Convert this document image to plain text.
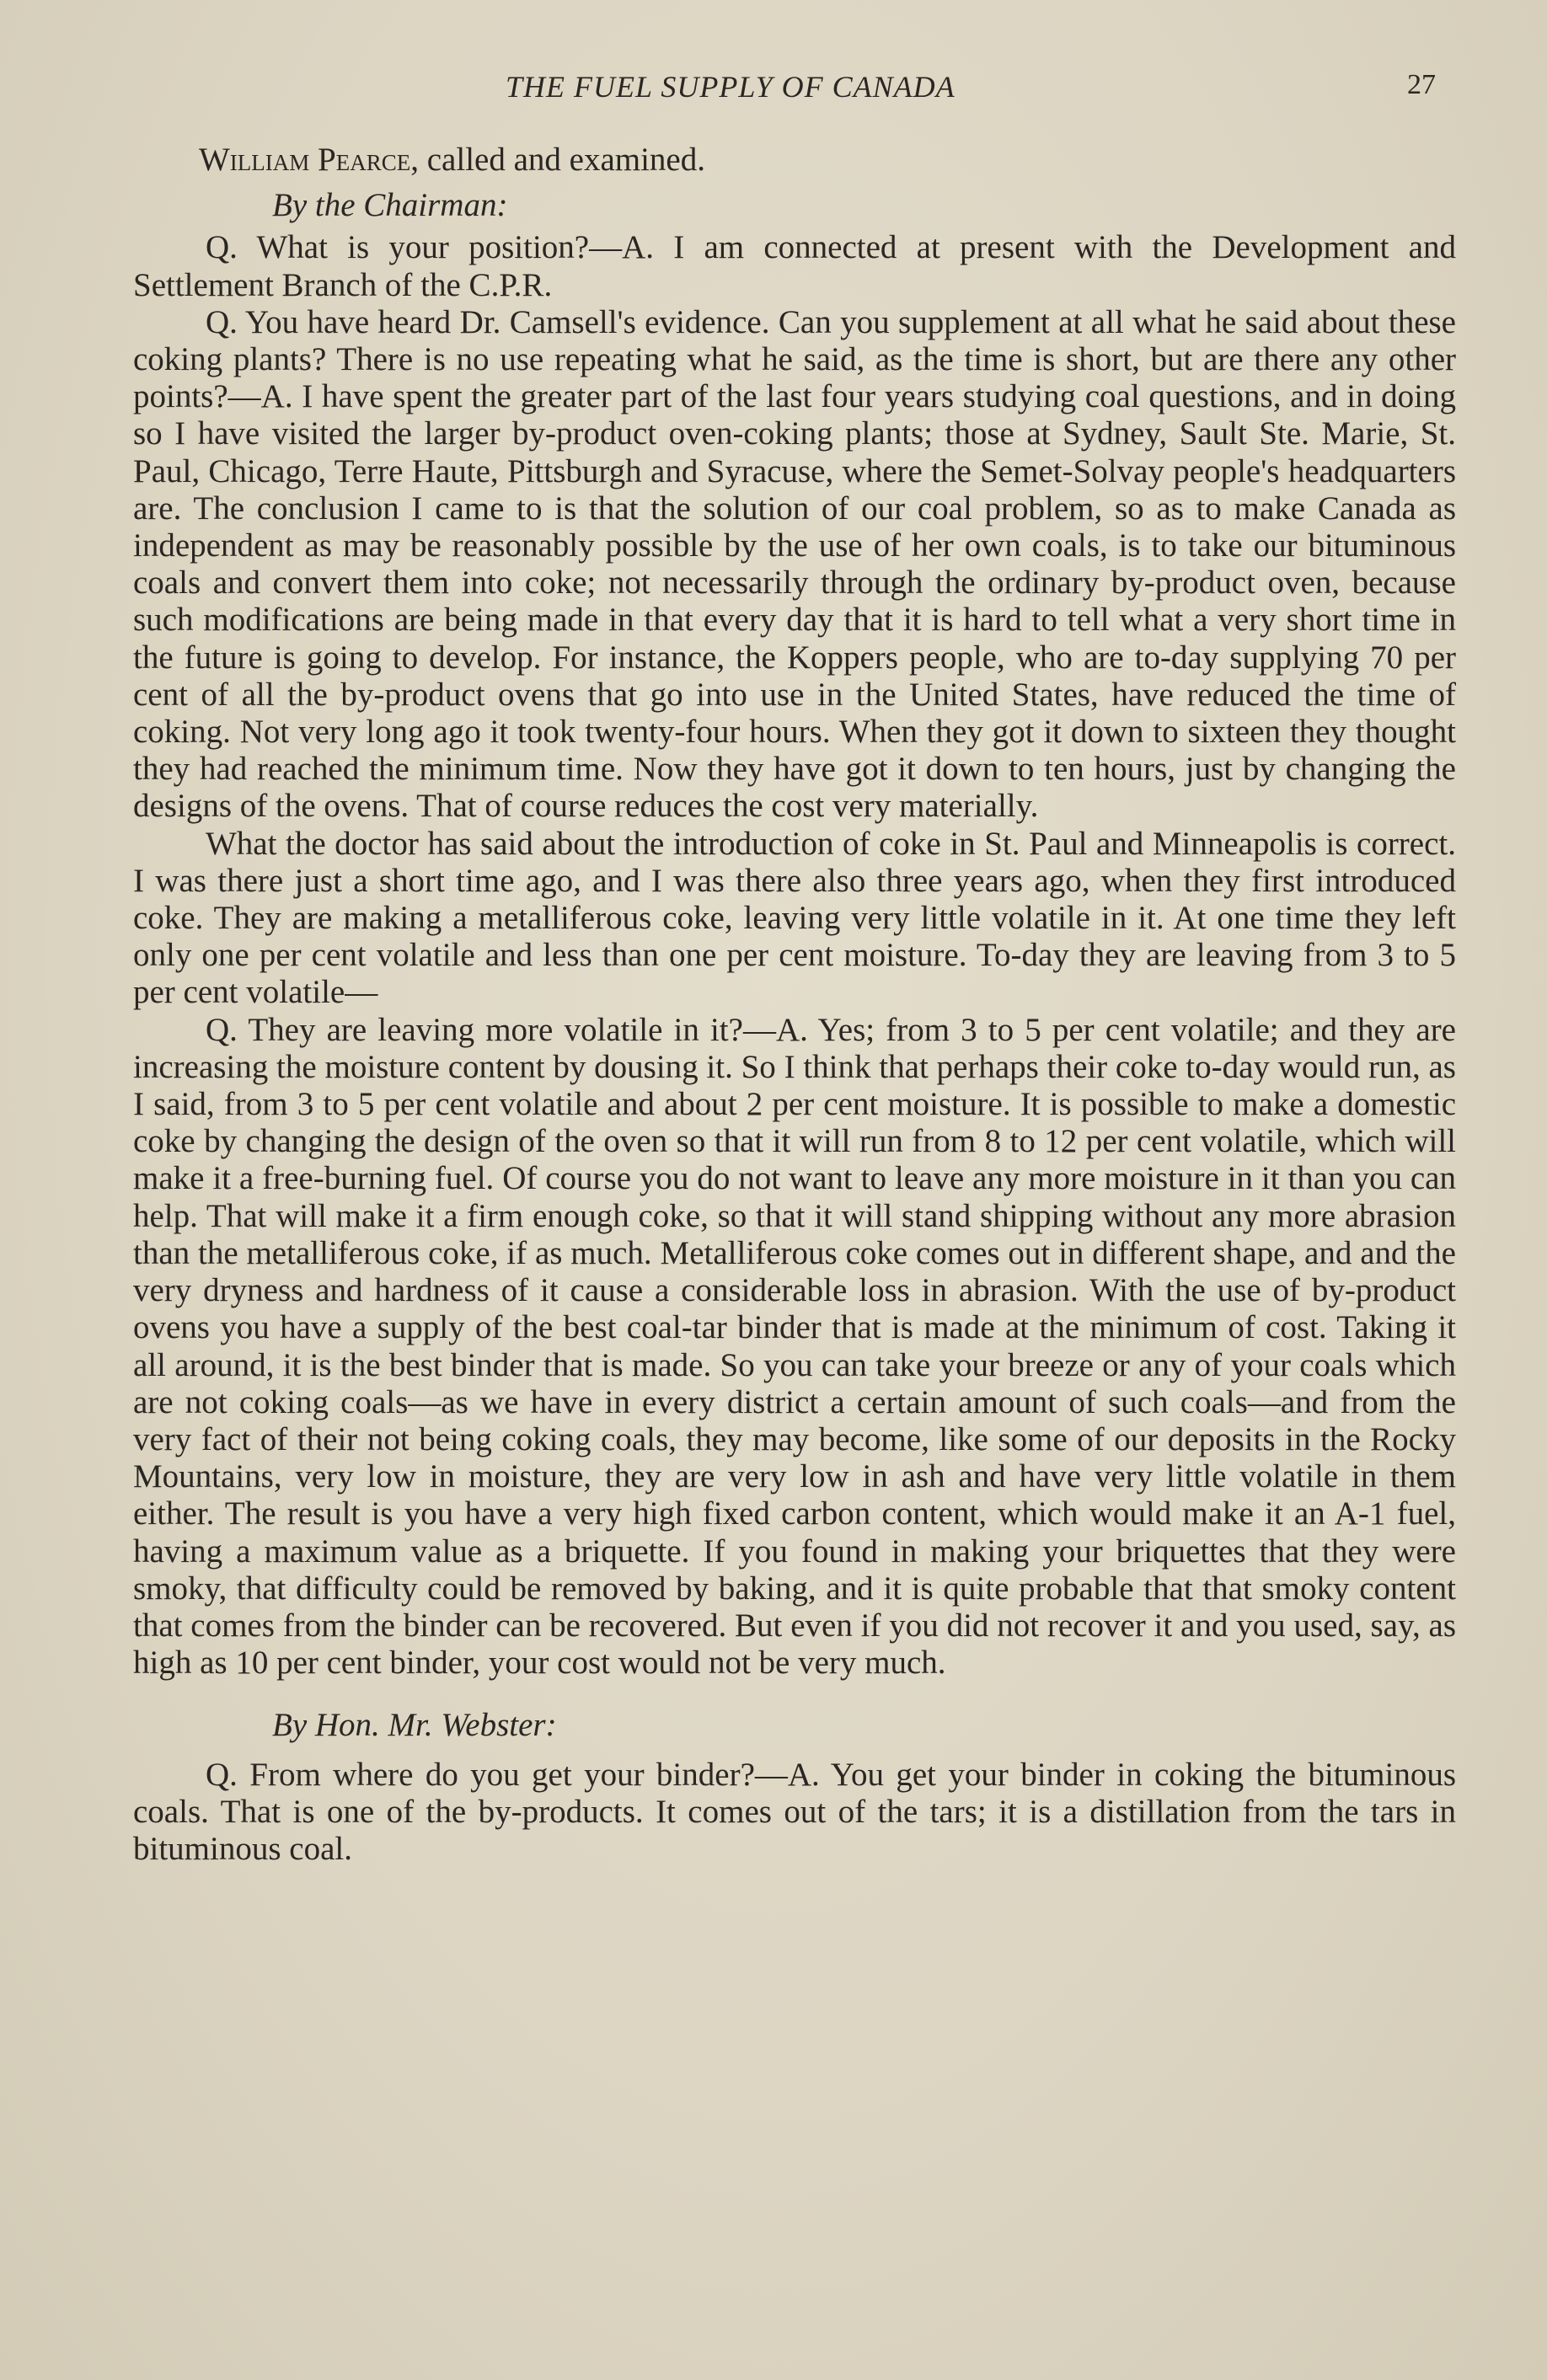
THE FUEL SUPPLY OF CANADA	27

William Pearce, called and examined.

By the Chairman:

Q. What is your position?—A. I am connected at present with the Development and Settlement Branch of the C.P.R.

Q. You have heard Dr. Camsell's evidence. Can you supplement at all what he said about these coking plants? There is no use repeating what he said, as the time is short, but are there any other points?—A. I have spent the greater part of the last four years studying coal questions, and in doing so I have visited the larger by-product oven-coking plants; those at Sydney, Sault Ste. Marie, St. Paul, Chicago, Terre Haute, Pittsburgh and Syracuse, where the Semet-Solvay people's headquarters are. The conclusion I came to is that the solution of our coal problem, so as to make Canada as independent as may be reasonably possible by the use of her own coals, is to take our bituminous coals and convert them into coke; not necessarily through the ordinary by-product oven, because such modifications are being made in that every day that it is hard to tell what a very short time in the future is going to develop. For instance, the Koppers people, who are to-day supplying 70 per cent of all the by-product ovens that go into use in the United States, have reduced the time of coking. Not very long ago it took twenty-four hours. When they got it down to sixteen they thought they had reached the minimum time. Now they have got it down to ten hours, just by changing the designs of the ovens. That of course reduces the cost very materially.

What the doctor has said about the introduction of coke in St. Paul and Minneapolis is correct. I was there just a short time ago, and I was there also three years ago, when they first introduced coke. They are making a metalliferous coke, leaving very little volatile in it. At one time they left only one per cent volatile and less than one per cent moisture. To-day they are leaving from 3 to 5 per cent volatile—

Q. They are leaving more volatile in it?—A. Yes; from 3 to 5 per cent volatile; and they are increasing the moisture content by dousing it. So I think that perhaps their coke to-day would run, as I said, from 3 to 5 per cent volatile and about 2 per cent moisture. It is possible to make a domestic coke by changing the design of the oven so that it will run from 8 to 12 per cent volatile, which will make it a free-burning fuel. Of course you do not want to leave any more moisture in it than you can help. That will make it a firm enough coke, so that it will stand shipping without any more abrasion than the metalliferous coke, if as much. Metalliferous coke comes out in different shape, and and the very dryness and hardness of it cause a considerable loss in abrasion. With the use of by-product ovens you have a supply of the best coal-tar binder that is made at the minimum of cost. Taking it all around, it is the best binder that is made. So you can take your breeze or any of your coals which are not coking coals—as we have in every district a certain amount of such coals—and from the very fact of their not being coking coals, they may become, like some of our deposits in the Rocky Mountains, very low in moisture, they are very low in ash and have very little volatile in them either. The result is you have a very high fixed carbon content, which would make it an A-1 fuel, having a maximum value as a briquette. If you found in making your briquettes that they were smoky, that difficulty could be removed by baking, and it is quite probable that that smoky content that comes from the binder can be recovered. But even if you did not recover it and you used, say, as high as 10 per cent binder, your cost would not be very much.

By Hon. Mr. Webster:

Q. From where do you get your binder?—A. You get your binder in coking the bituminous coals. That is one of the by-products. It comes out of the tars; it is a distillation from the tars in bituminous coal.
